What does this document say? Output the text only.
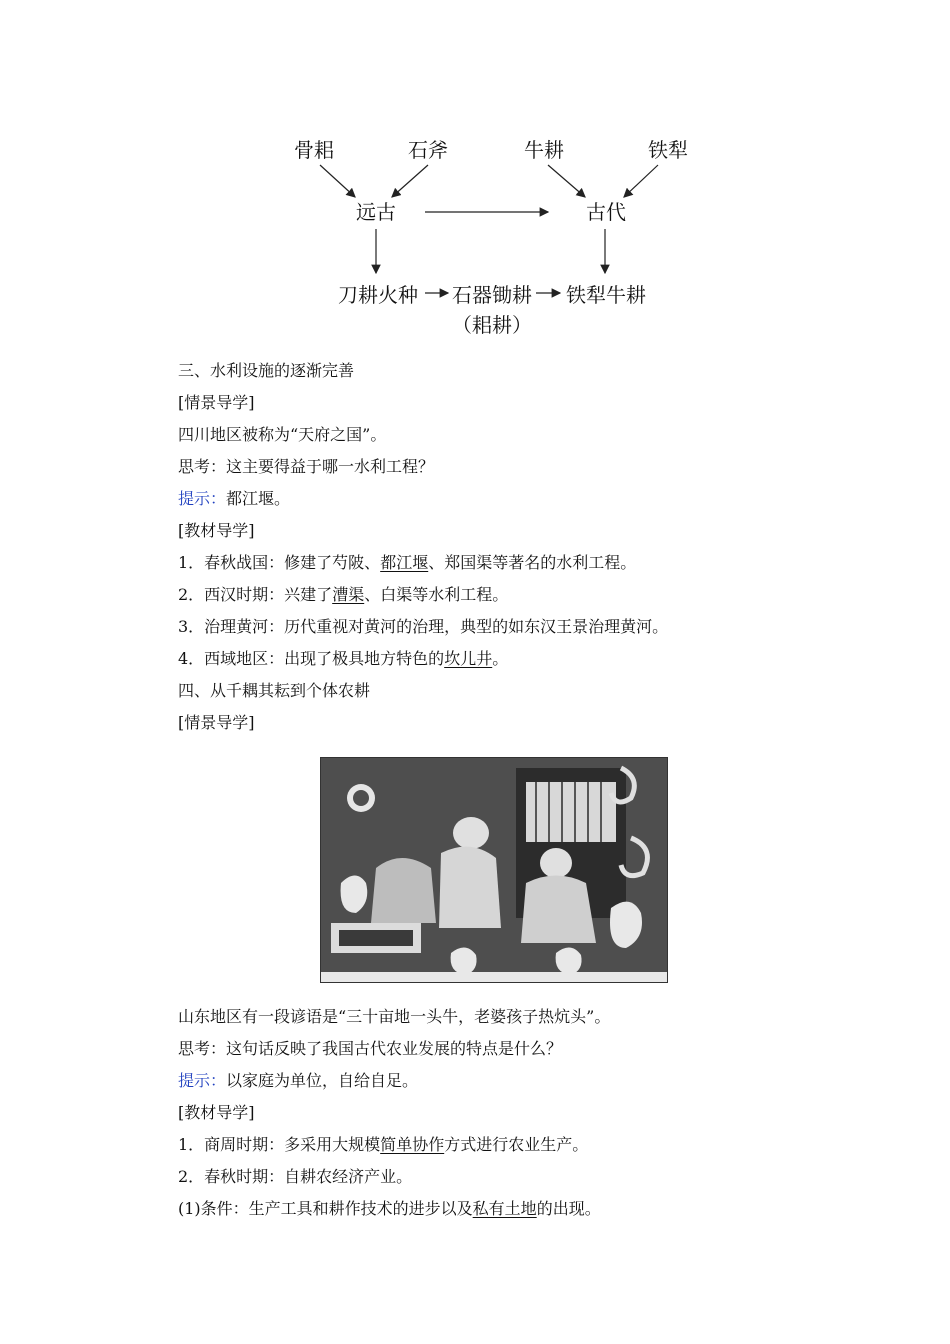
骨耜	石斧	牛耕	铁犁
远古	古代
刀耕火种 石器锄耕 铁犁牛耕
（耜耕）
三、水利设施的逐渐完善
[情景导学]
四川地区被称为“天府之国”。
思考：这主要得益于哪一水利工程？
提示：都江堰。
[教材导学]
1．春秋战国：修建了芍陂、都江堰、郑国渠等著名的水利工程。
2．西汉时期：兴建了漕渠、白渠等水利工程。
3．治理黄河：历代重视对黄河的治理，典型的如东汉王景治理黄河。
4．西域地区：出现了极具地方特色的坎儿井。
四、从千耦其耘到个体农耕
[情景导学]
山东地区有一段谚语是“三十亩地一头牛，老婆孩子热炕头”。
思考：这句话反映了我国古代农业发展的特点是什么？
提示：以家庭为单位，自给自足。
[教材导学]
1．商周时期：多采用大规模简单协作方式进行农业生产。
2．春秋时期：自耕农经济产业。
(1)条件：生产工具和耕作技术的进步以及私有土地的出现。
